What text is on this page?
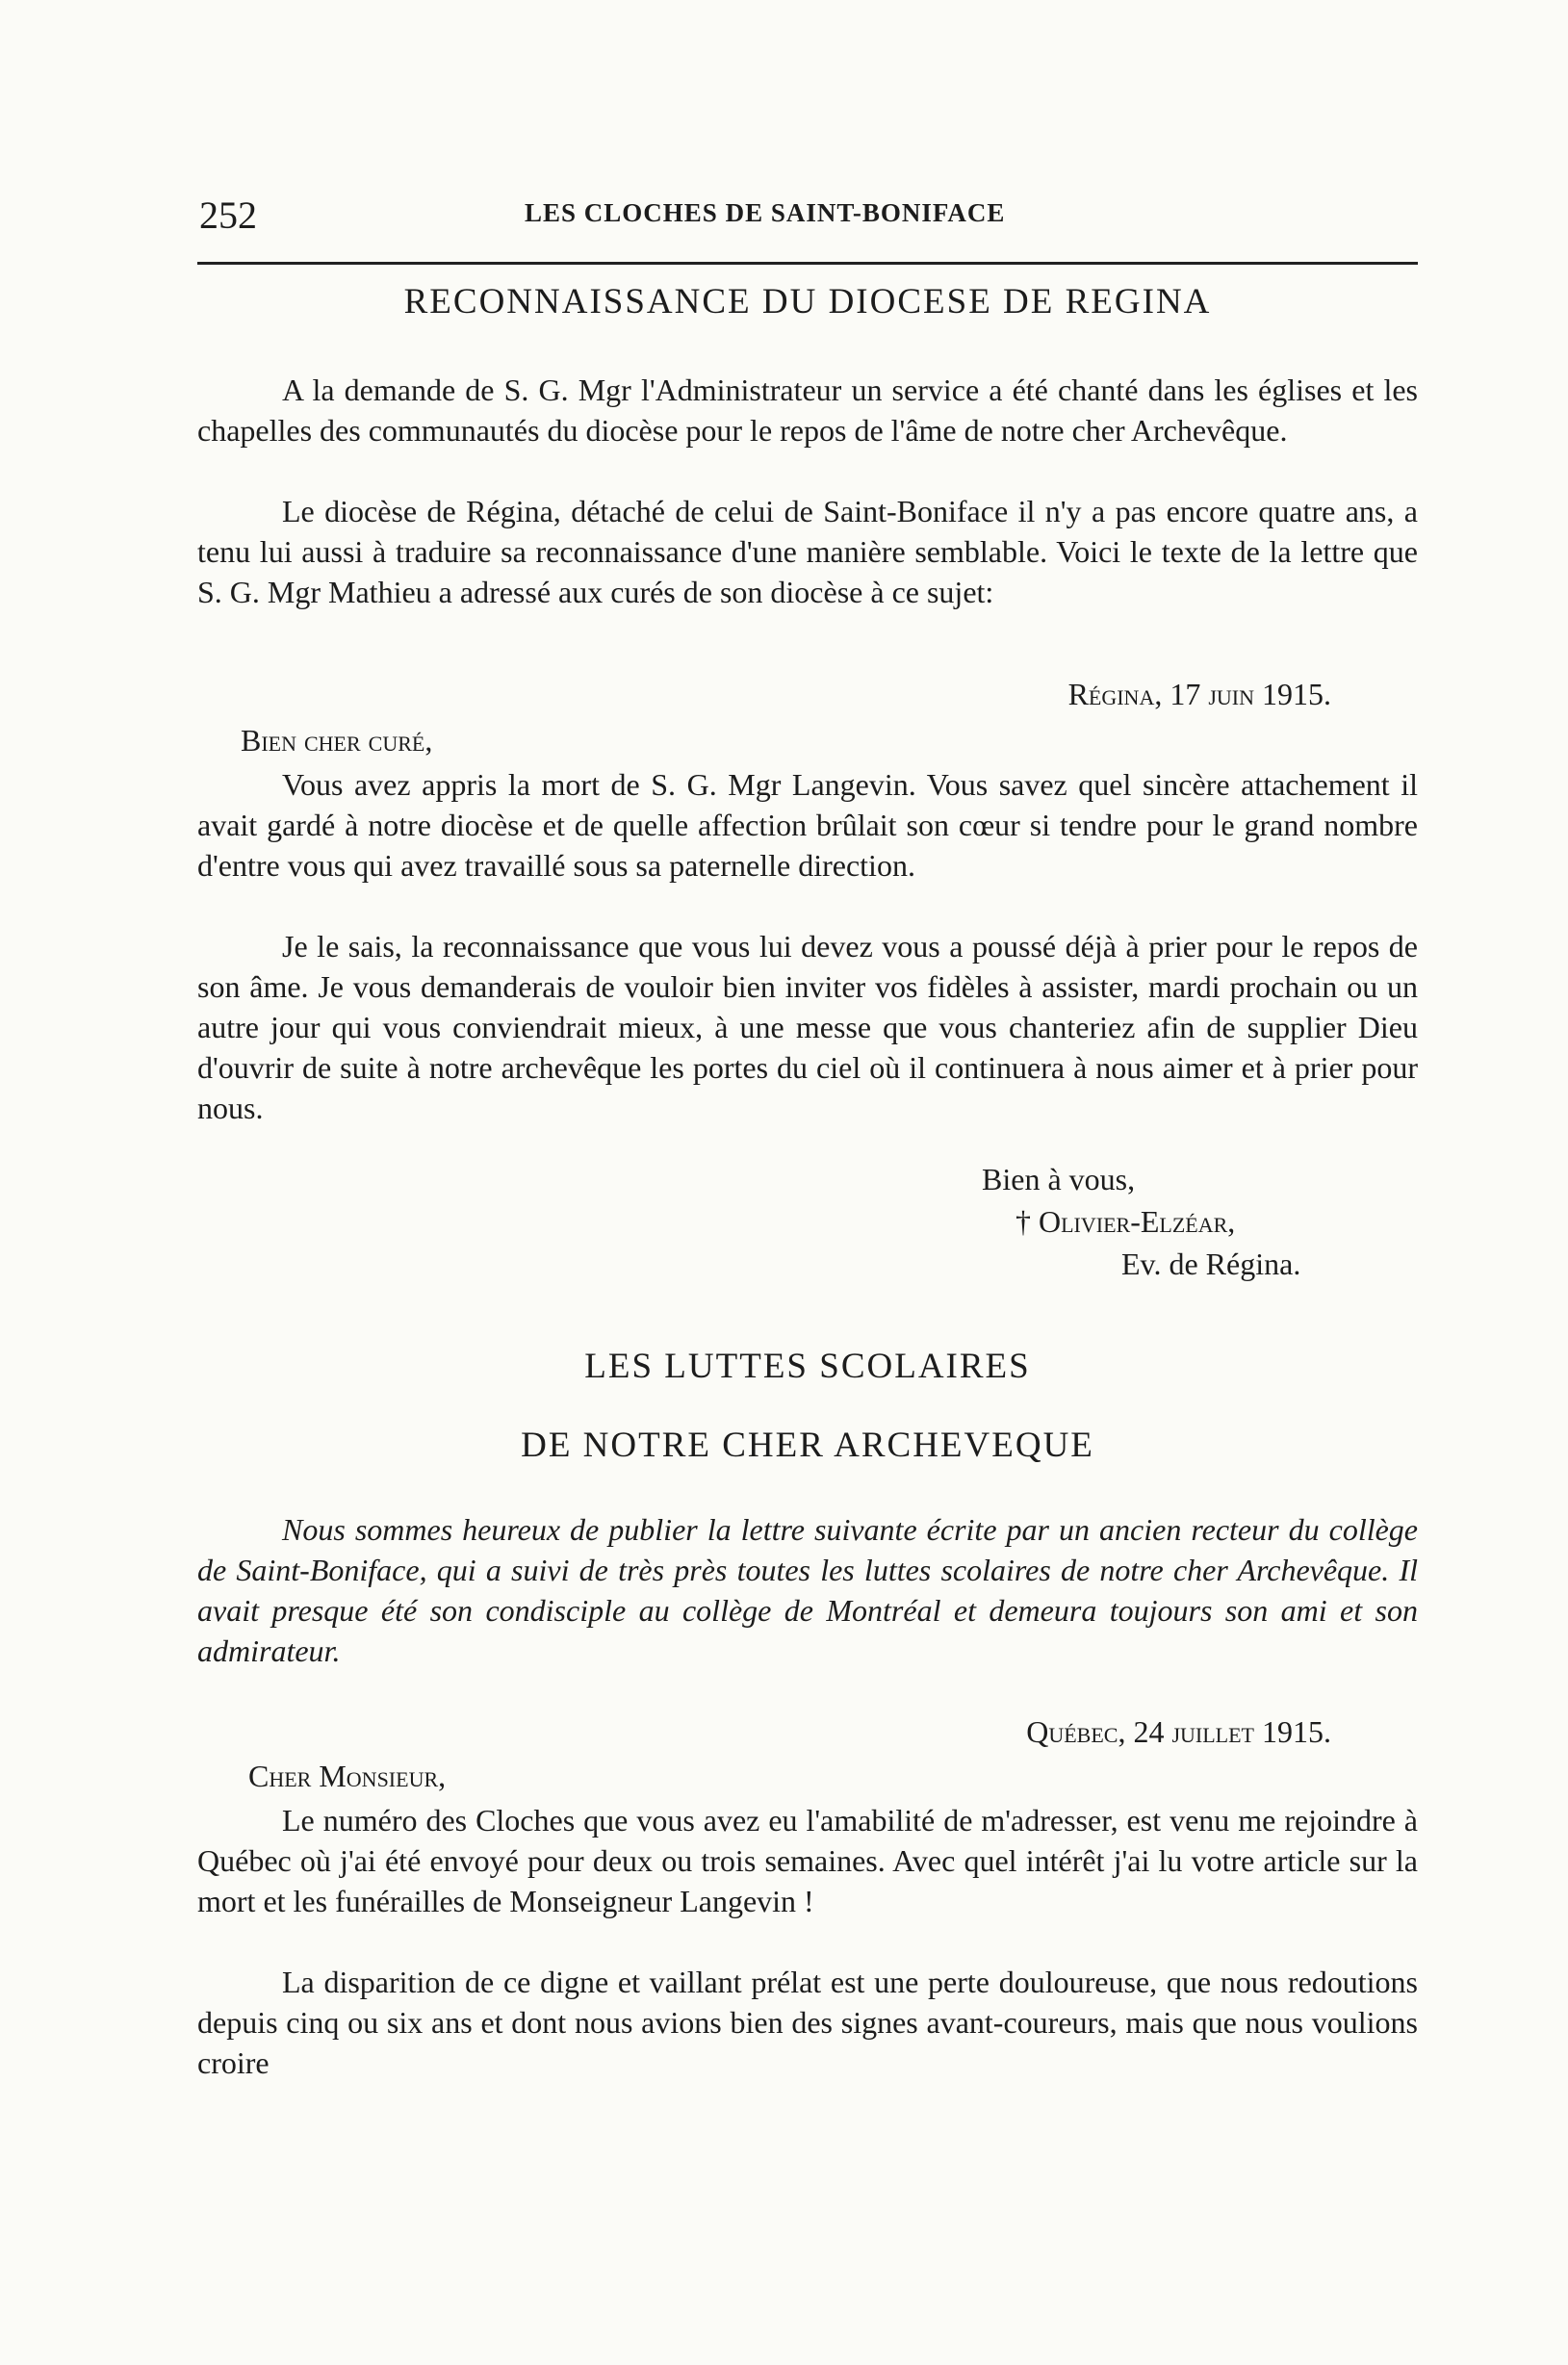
252	LES CLOCHES DE SAINT-BONIFACE
RECONNAISSANCE DU DIOCESE DE REGINA

A la demande de S. G. Mgr l'Administrateur un service a été chanté dans les églises et les chapelles des communautés du diocèse pour le repos de l'âme de notre cher Archevêque.

Le diocèse de Régina, détaché de celui de Saint-Boniface il n'y a pas encore quatre ans, a tenu lui aussi à traduire sa reconnaissance d'une manière semblable. Voici le texte de la lettre que S. G. Mgr Mathieu a adressé aux curés de son diocèse à ce sujet:

Régina, 17 juin 1915.
Bien cher curé,

Vous avez appris la mort de S. G. Mgr Langevin. Vous savez quel sincère attachement il avait gardé à notre diocèse et de quelle affection brûlait son cœur si tendre pour le grand nombre d'entre vous qui avez travaillé sous sa paternelle direction.

Je le sais, la reconnaissance que vous lui devez vous a poussé déjà à prier pour le repos de son âme. Je vous demanderais de vouloir bien inviter vos fidèles à assister, mardi prochain ou un autre jour qui vous conviendrait mieux, à une messe que vous chanteriez afin de supplier Dieu d'ouvrir de suite à notre archevêque les portes du ciel où il continuera à nous aimer et à prier pour nous.

Bien à vous,
† Olivier-Elzéar,
Ev. de Régina.
LES LUTTES SCOLAIRES
DE NOTRE CHER ARCHEVEQUE

Nous sommes heureux de publier la lettre suivante écrite par un ancien recteur du collège de Saint-Boniface, qui a suivi de très près toutes les luttes scolaires de notre cher Archevêque. Il avait presque été son condisciple au collège de Montréal et demeura toujours son ami et son admirateur.

Québec, 24 juillet 1915.
Cher Monsieur,

Le numéro des Cloches que vous avez eu l'amabilité de m'adresser, est venu me rejoindre à Québec où j'ai été envoyé pour deux ou trois semaines. Avec quel intérêt j'ai lu votre article sur la mort et les funérailles de Monseigneur Langevin !

La disparition de ce digne et vaillant prélat est une perte douloureuse, que nous redoutions depuis cinq ou six ans et dont nous avions bien des signes avant-coureurs, mais que nous voulions croire
